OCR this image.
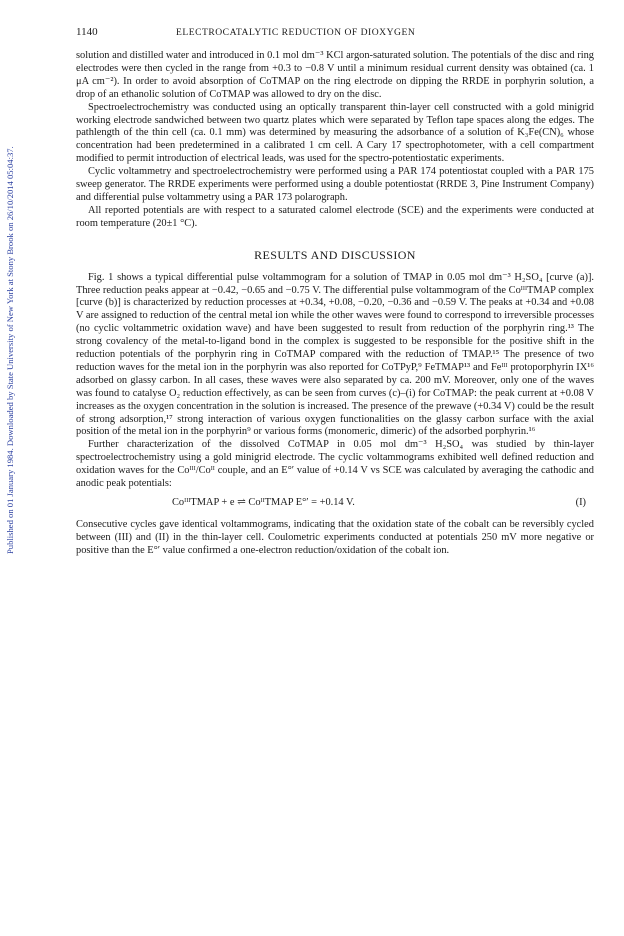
Published on 01 January 1984. Downloaded by State University of New York at Stony Brook on 26/10/2014 05:04:37.
1140	ELECTROCATALYTIC REDUCTION OF DIOXYGEN

solution and distilled water and introduced in 0.1 mol dm⁻³ KCl argon-saturated solution. The potentials of the disc and ring electrodes were then cycled in the range from +0.3 to −0.8 V until a minimum residual current density was obtained (ca. 1 μA cm⁻²). In order to avoid absorption of CoTMAP on the ring electrode on dipping the RRDE in porphyrin solution, a drop of an ethanolic solution of CoTMAP was allowed to dry on the disc.

Spectroelectrochemistry was conducted using an optically transparent thin-layer cell constructed with a gold minigrid working electrode sandwiched between two quartz plates which were separated by Teflon tape spaces along the edges. The pathlength of the thin cell (ca. 0.1 mm) was determined by measuring the adsorbance of a solution of K₃Fe(CN)₆ whose concentration had been predetermined in a calibrated 1 cm cell. A Cary 17 spectrophotometer, with a cell compartment modified to permit introduction of electrical leads, was used for the spectro-potentiostatic experiments.

Cyclic voltammetry and spectroelectrochemistry were performed using a PAR 174 potentiostat coupled with a PAR 175 sweep generator. The RRDE experiments were performed using a double potentiostat (RRDE 3, Pine Instrument Company) and differential pulse voltammetry using a PAR 173 polarograph.

All reported potentials are with respect to a saturated calomel electrode (SCE) and the experiments were conducted at room temperature (20±1 °C).

RESULTS AND DISCUSSION

Fig. 1 shows a typical differential pulse voltammogram for a solution of TMAP in 0.05 mol dm⁻³ H₂SO₄ [curve (a)]. Three reduction peaks appear at −0.42, −0.65 and −0.75 V. The differential pulse voltammogram of the CoᴵᴵᴵTMAP complex [curve (b)] is characterized by reduction processes at +0.34, +0.08, −0.20, −0.36 and −0.59 V. The peaks at +0.34 and +0.08 V are assigned to reduction of the central metal ion while the other waves were found to correspond to irreversible processes (no cyclic voltammetric oxidation wave) and have been suggested to result from reduction of the porphyrin ring.¹³ The strong covalency of the metal-to-ligand bond in the complex is suggested to be responsible for the positive shift in the reduction potentials of the porphyrin ring in CoTMAP compared with the reduction of TMAP.¹⁵ The presence of two reduction waves for the metal ion in the porphyrin was also reported for CoTPyP,⁹ FeTMAP¹³ and Feᴵᴵᴵ protoporphyrin IX¹⁶ adsorbed on glassy carbon. In all cases, these waves were also separated by ca. 200 mV. Moreover, only one of the waves was found to catalyse O₂ reduction effectively, as can be seen from curves (c)–(i) for CoTMAP: the peak current at +0.08 V increases as the oxygen concentration in the solution is increased. The presence of the prewave (+0.34 V) could be the result of strong adsorption,¹⁷ strong interaction of various oxygen functionalities on the glassy carbon surface with the axial position of the metal ion in the porphyrin⁹ or various forms (monomeric, dimeric) of the adsorbed porphyrin.¹⁶

Further characterization of the dissolved CoTMAP in 0.05 mol dm⁻³ H₂SO₄ was studied by thin-layer spectroelectrochemistry using a gold minigrid electrode. The cyclic voltammograms exhibited well defined reduction and oxidation waves for the Coᴵᴵᴵ/Coᴵᴵ couple, and an E°′ value of +0.14 V vs SCE was calculated by averaging the cathodic and anodic peak potentials:

CoᴵᴵᴵTMAP + e ⇌ CoᴵᴵTMAP E°′ = +0.14 V.	(I)

Consecutive cycles gave identical voltammograms, indicating that the oxidation state of the cobalt can be reversibly cycled between (III) and (II) in the thin-layer cell. Coulometric experiments conducted at potentials 250 mV more negative or positive than the E°′ value confirmed a one-electron reduction/oxidation of the cobalt ion.
